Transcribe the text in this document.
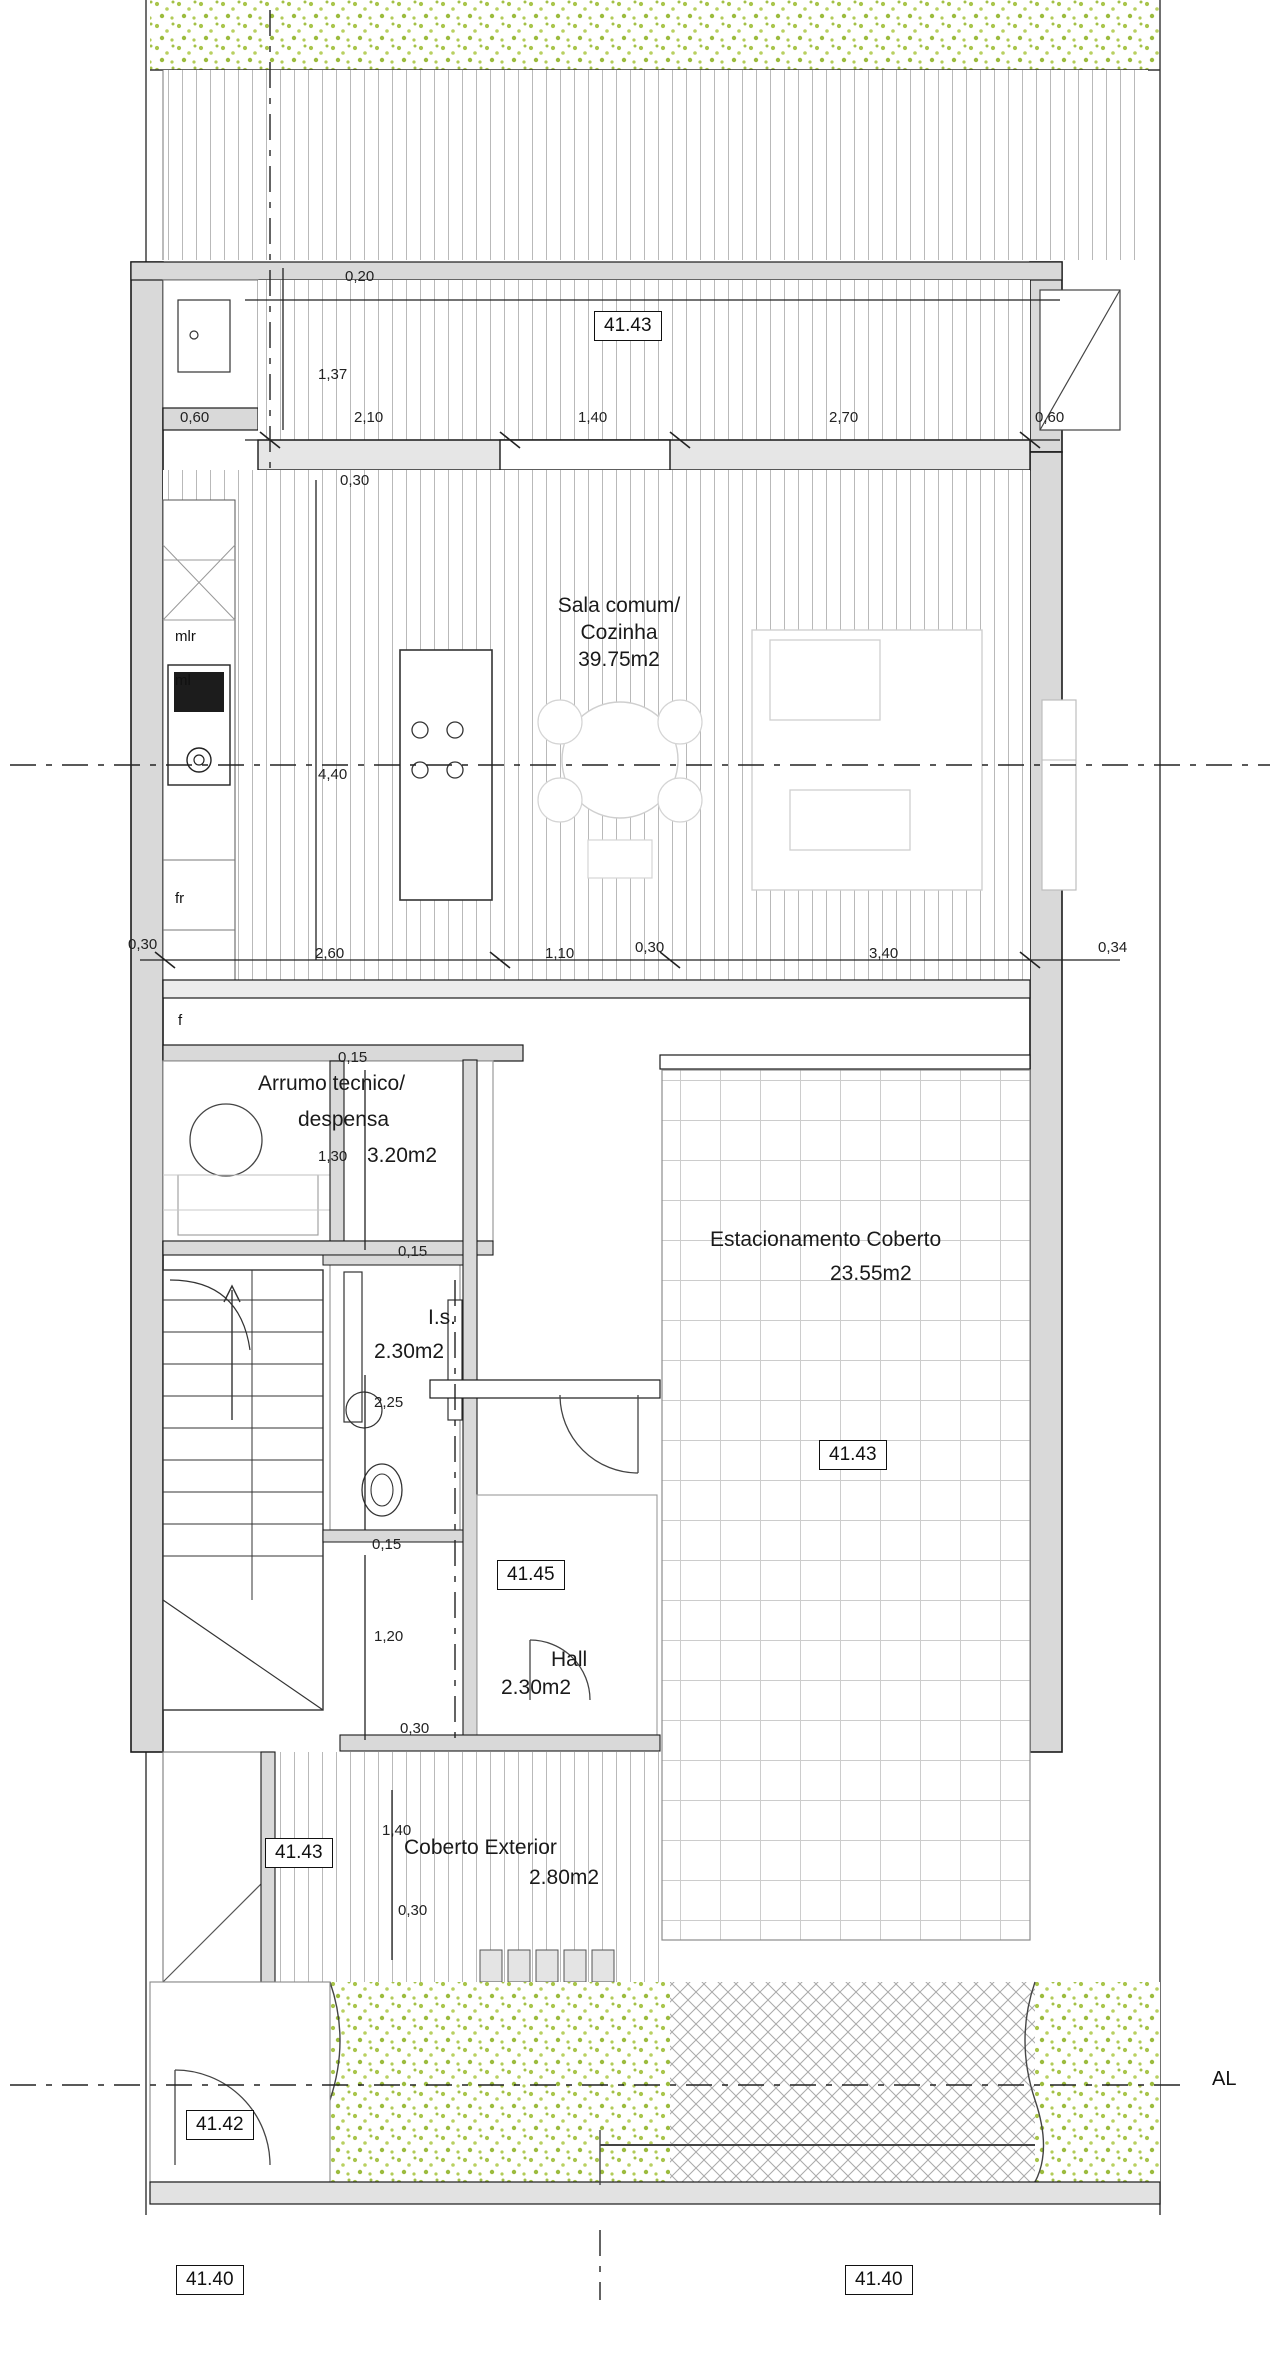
Sala comum/
Cozinha
39.75m2
Arrumo tecnico/
despensa
3.20m2
I.s.
2.30m2
Hall
2.30m2
Estacionamento Coberto
23.55m2
Coberto Exterior
2.80m2
41.43
41.43
41.45
41.43
41.42
41.40	41.40
0,20
2,10	1,40	2,70	0,60
0,60
0,30
2,60	1,10	0,30	3,40	0,34
0,30
0,15
0,15
0,15
0,30
0,30
1,37
4,40
1,30
2,25
1,20
1,40
mlr
ml
fr
f
AL
